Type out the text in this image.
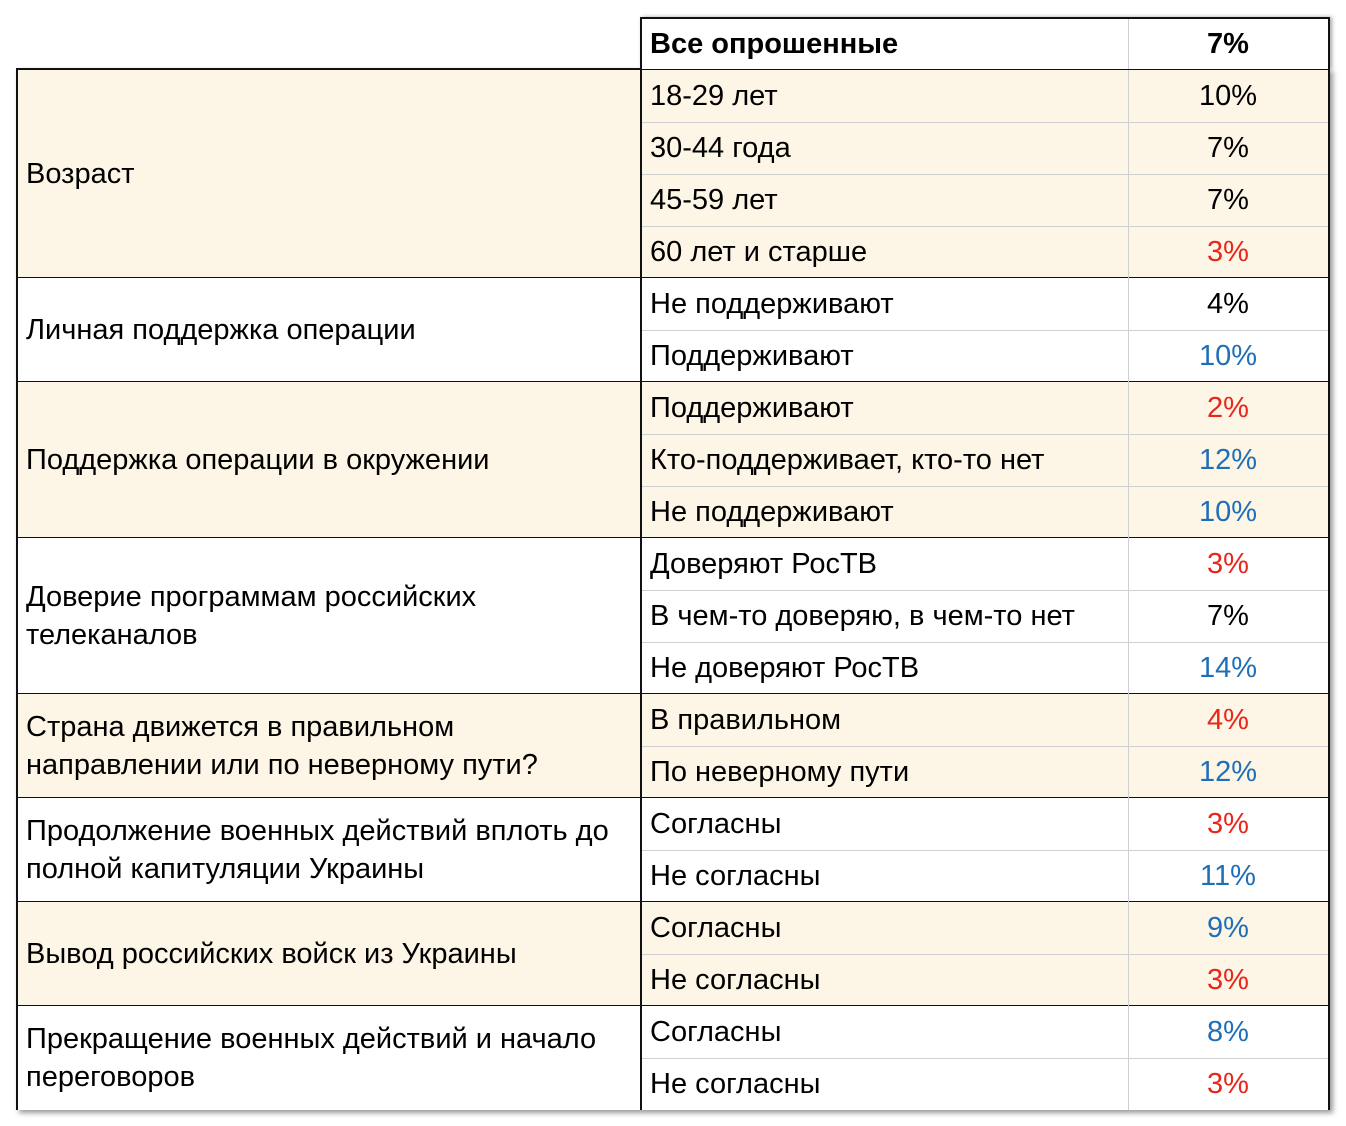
Все опрошенные	7%
Возраст
18-29 лет	10%
30-44 года	7%
45-59 лет	7%
60 лет и старше	3%
Личная поддержка операции
Не поддерживают	4%
Поддерживают	10%
Поддержка операции в окружении
Поддерживают	2%
Кто-поддерживает, кто-то нет	12%
Не поддерживают	10%
Доверие программам российских телеканалов
Доверяют РосТВ	3%
В чем-то доверяю, в чем-то нет	7%
Не доверяют РосТВ	14%
Страна движется в правильном направлении или по неверному пути?
В правильном	4%
По неверному пути	12%
Продолжение военных действий вплоть до полной капитуляции Украины
Согласны	3%
Не согласны	11%
Вывод российских войск из Украины
Согласны	9%
Не согласны	3%
Прекращение военных действий и начало переговоров
Согласны	8%
Не согласны	3%
